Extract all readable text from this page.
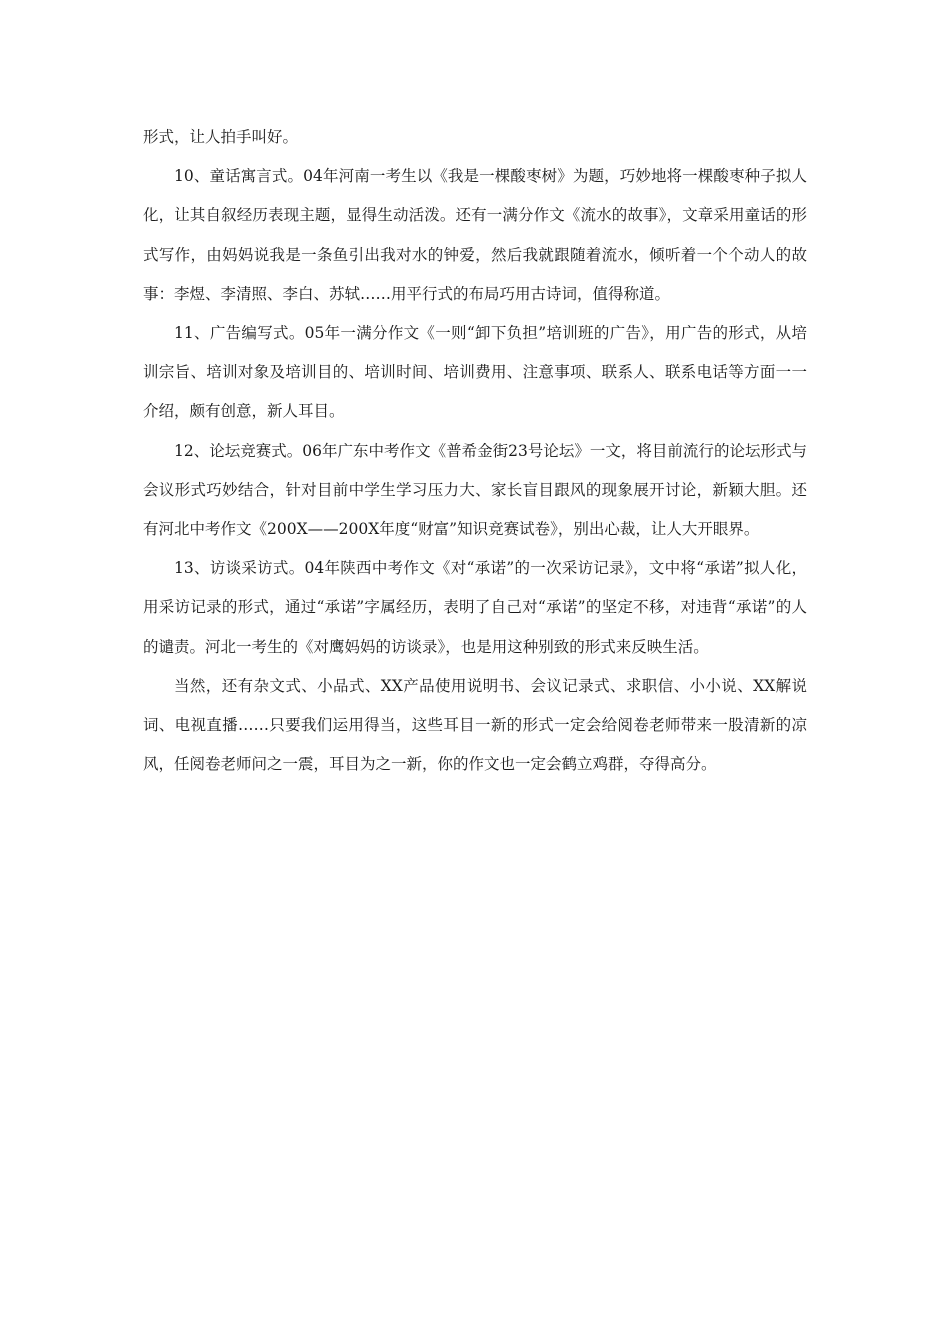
形式，让人拍手叫好。

10、童话寓言式。04年河南一考生以《我是一棵酸枣树》为题，巧妙地将一棵酸枣种子拟人化，让其自叙经历表现主题，显得生动活泼。还有一满分作文《流水的故事》，文章采用童话的形式写作，由妈妈说我是一条鱼引出我对水的钟爱，然后我就跟随着流水，倾听着一个个动人的故事：李煜、李清照、李白、苏轼……用平行式的布局巧用古诗词，值得称道。

11、广告编写式。05年一满分作文《一则“卸下负担”培训班的广告》，用广告的形式，从培训宗旨、培训对象及培训目的、培训时间、培训费用、注意事项、联系人、联系电话等方面一一介绍，颇有创意，新人耳目。

12、论坛竞赛式。06年广东中考作文《普希金街23号论坛》一文，将目前流行的论坛形式与会议形式巧妙结合，针对目前中学生学习压力大、家长盲目跟风的现象展开讨论，新颖大胆。还有河北中考作文《200X——200X年度“财富”知识竞赛试卷》，别出心裁，让人大开眼界。

13、访谈采访式。04年陕西中考作文《对“承诺”的一次采访记录》，文中将“承诺”拟人化，用采访记录的形式，通过“承诺”字属经历，表明了自己对“承诺”的坚定不移，对违背“承诺”的人的谴责。河北一考生的《对鹰妈妈的访谈录》，也是用这种别致的形式来反映生活。

当然，还有杂文式、小品式、XX产品使用说明书、会议记录式、求职信、小小说、XX解说词、电视直播……只要我们运用得当，这些耳目一新的形式一定会给阅卷老师带来一股清新的凉风，任阅卷老师问之一震，耳目为之一新，你的作文也一定会鹤立鸡群，夺得高分。
